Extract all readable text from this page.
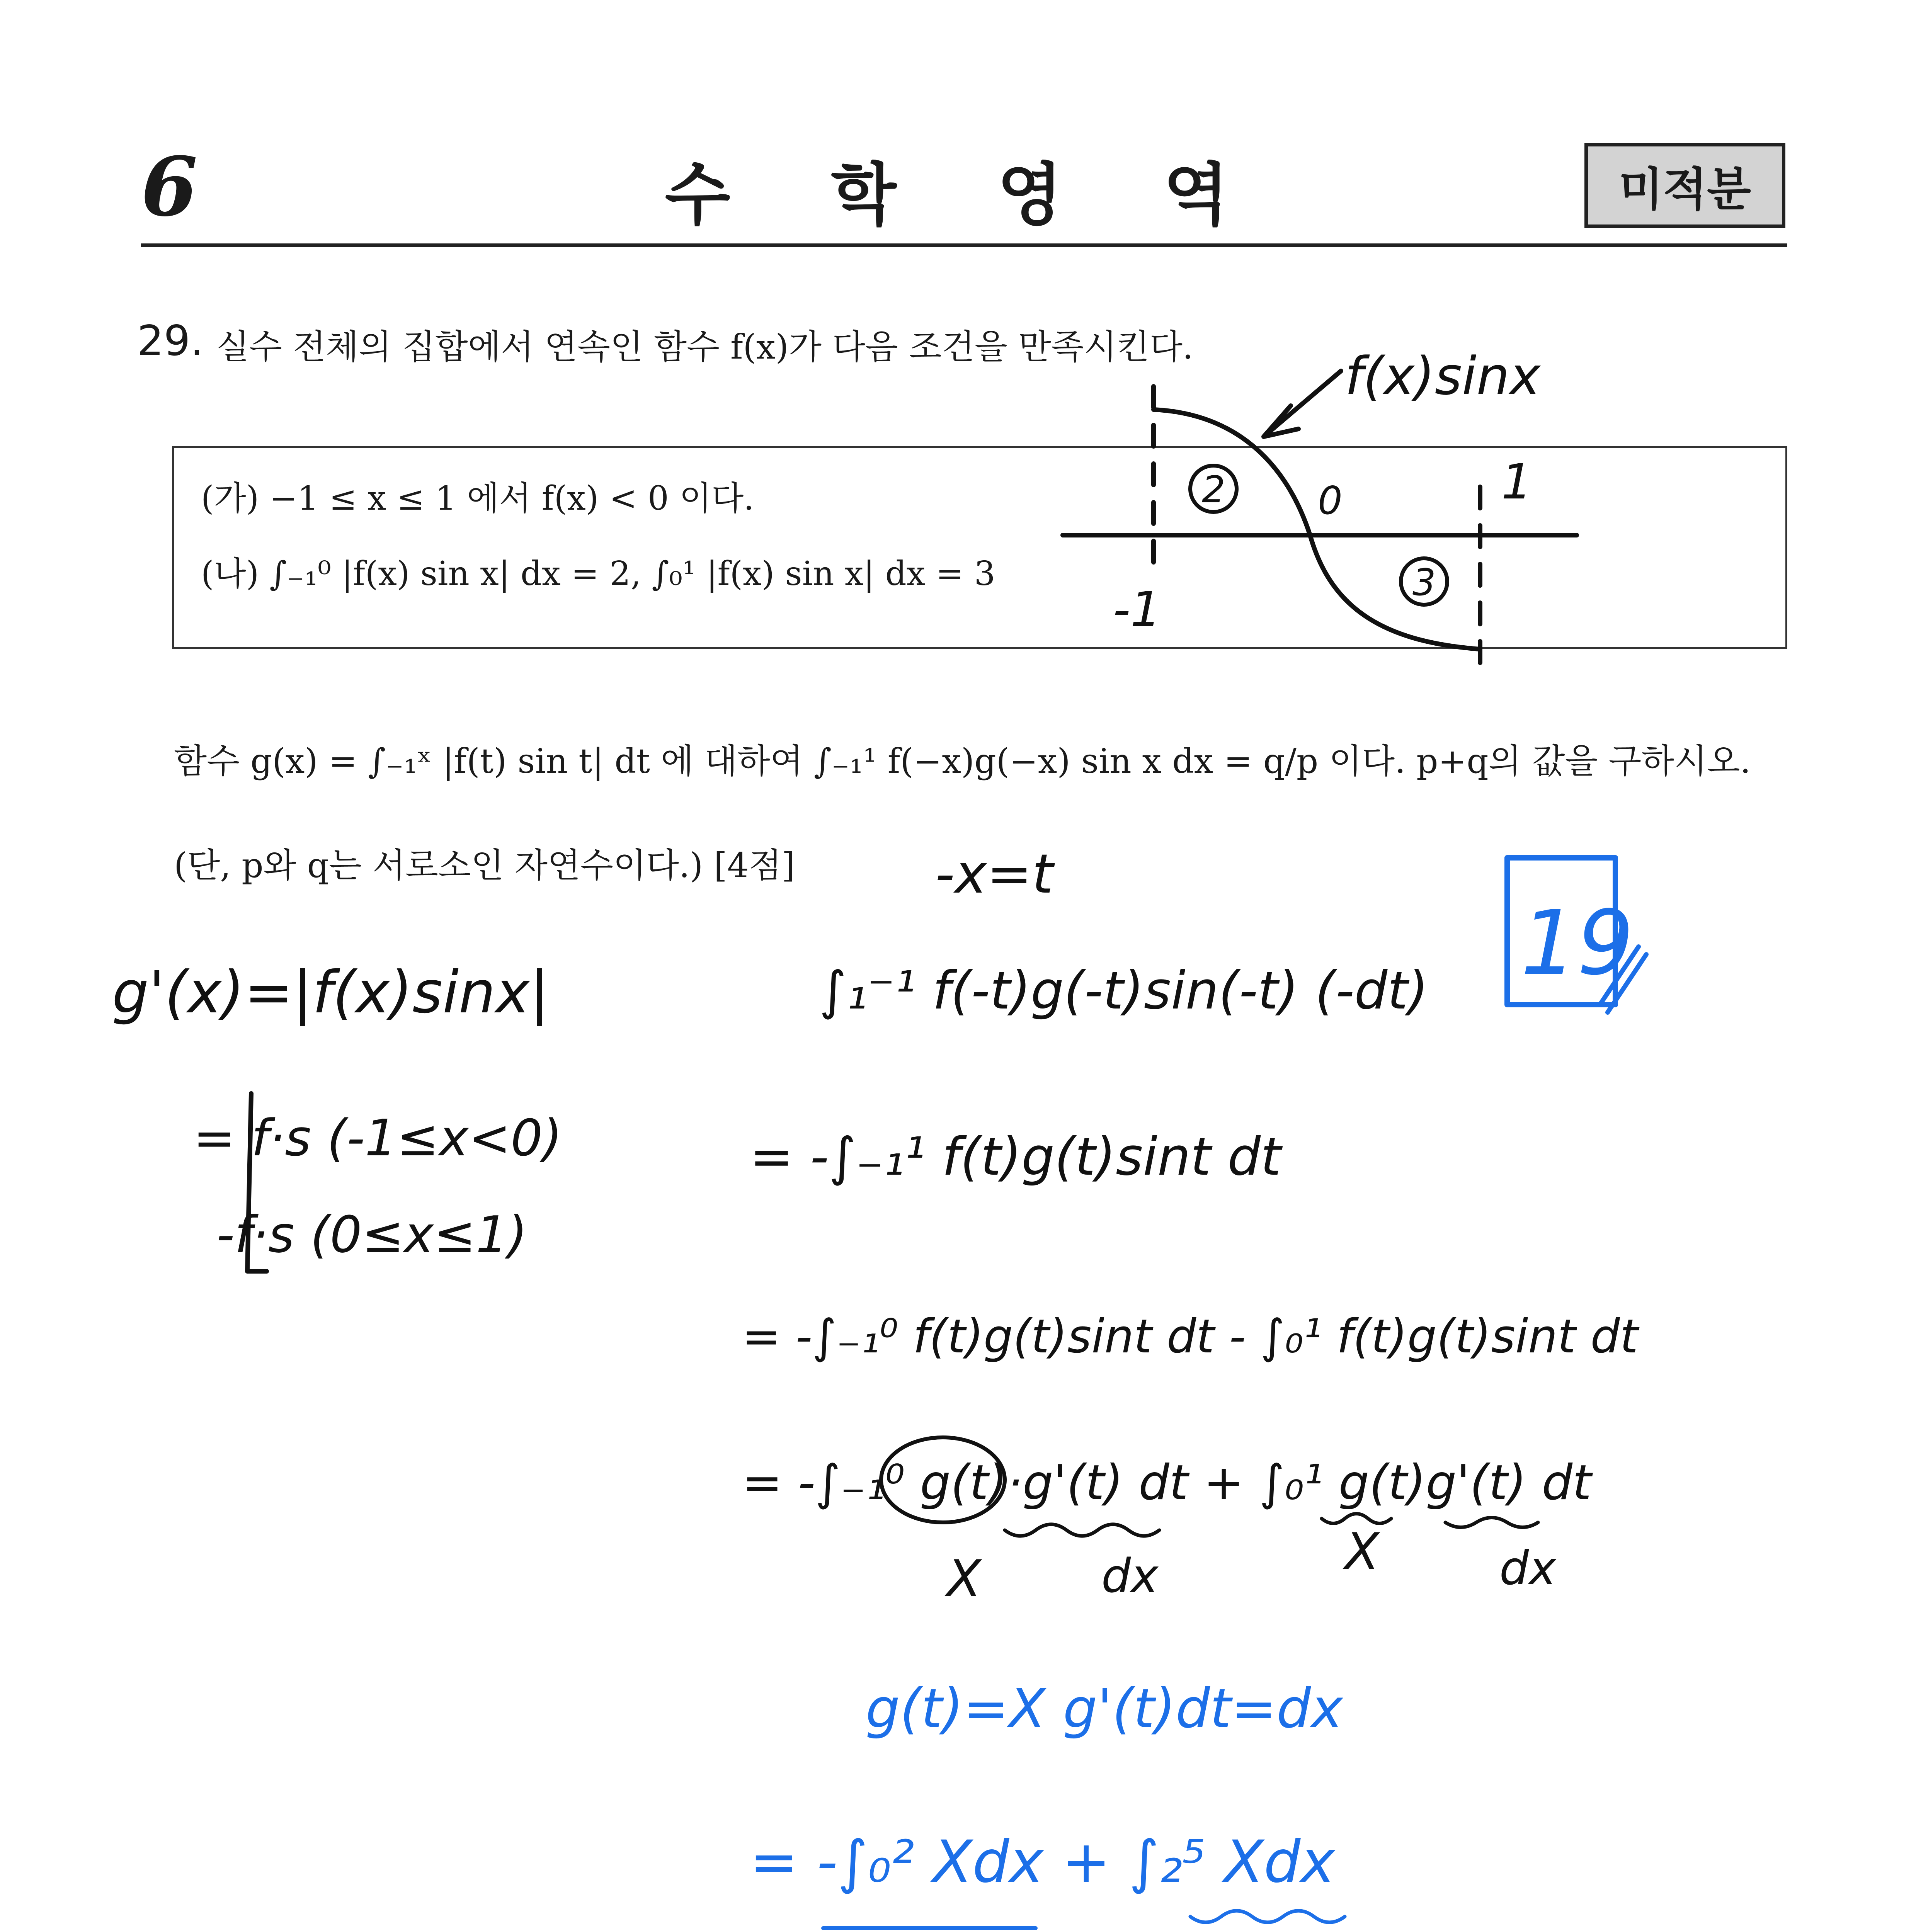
6	수 학 영 역	미적분
29. 실수 전체의 집합에서 연속인 함수 f(x)가 다음 조건을 만족시킨다.
(가) −1 ≤ x ≤ 1 에서 f(x) < 0 이다.
(나) ∫₋₁⁰ |f(x) sin x| dx = 2, ∫₀¹ |f(x) sin x| dx = 3
함수 g(x) = ∫₋₁ˣ |f(t) sin t| dt 에 대하여 ∫₋₁¹ f(−x)g(−x) sin x dx = q/p 이다. p+q의 값을 구하시오.
(단, p와 q는 서로소인 자연수이다.) [4점]
f(x)sinx
2
3
0
-1
1
-x=t
g'(x)=|f(x)sinx|
= f·s (-1≤x<0)
-f·s (0≤x≤1)
∫₁⁻¹ f(-t)g(-t)sin(-t) (-dt)
= -∫₋₁¹ f(t)g(t)sint dt
= -∫₋₁⁰ f(t)g(t)sint dt - ∫₀¹ f(t)g(t)sint dt
= -∫₋₁⁰ g(t)·g'(t) dt + ∫₀¹ g(t)g'(t) dt
X	dx	X	dx
19
g(t)=X g'(t)dt=dx
= -∫₀² Xdx + ∫₂⁵ Xdx
